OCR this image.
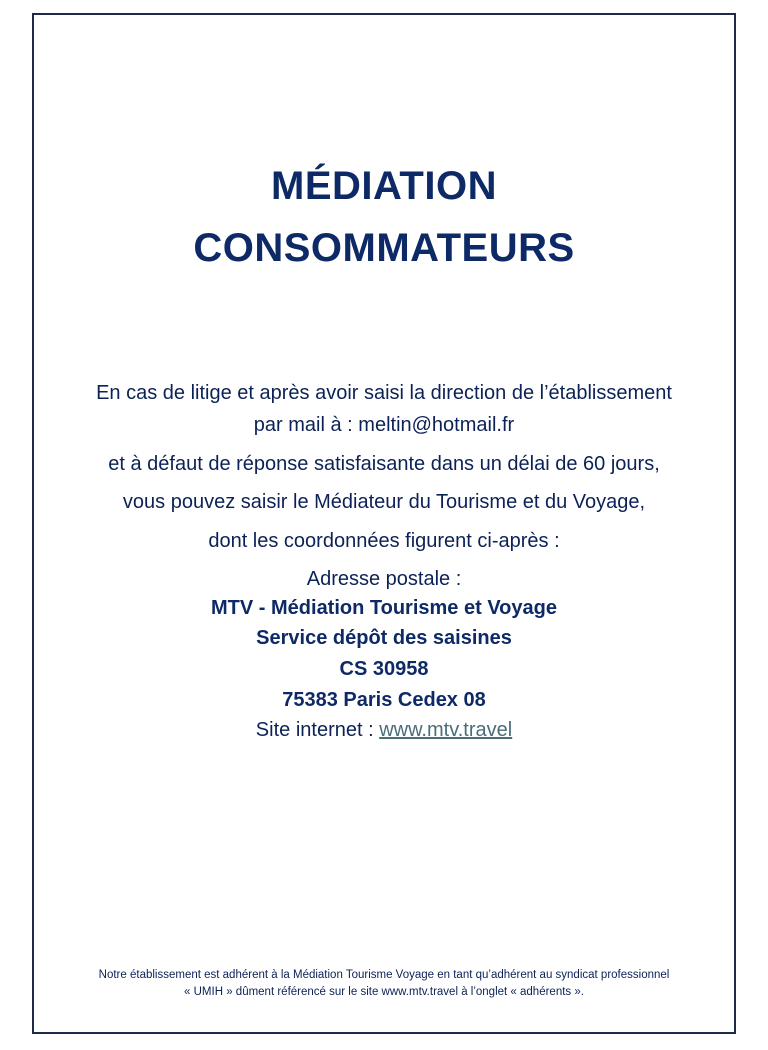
MÉDIATION
CONSOMMATEURS
En cas de litige et après avoir saisi la direction de l’établissement
par mail à : meltin@hotmail.fr
et à défaut de réponse satisfaisante dans un délai de 60 jours,
vous pouvez saisir le Médiateur du Tourisme et du Voyage,
dont les coordonnées figurent ci-après :
Adresse postale :
MTV - Médiation Tourisme et Voyage
Service dépôt des saisines
CS 30958
75383 Paris Cedex 08
Site internet : www.mtv.travel
Notre établissement est adhérent à la Médiation Tourisme Voyage en tant qu’adhérent au syndicat professionnel
« UMIH » dûment référencé sur le site www.mtv.travel à l’onglet « adhérents ».
